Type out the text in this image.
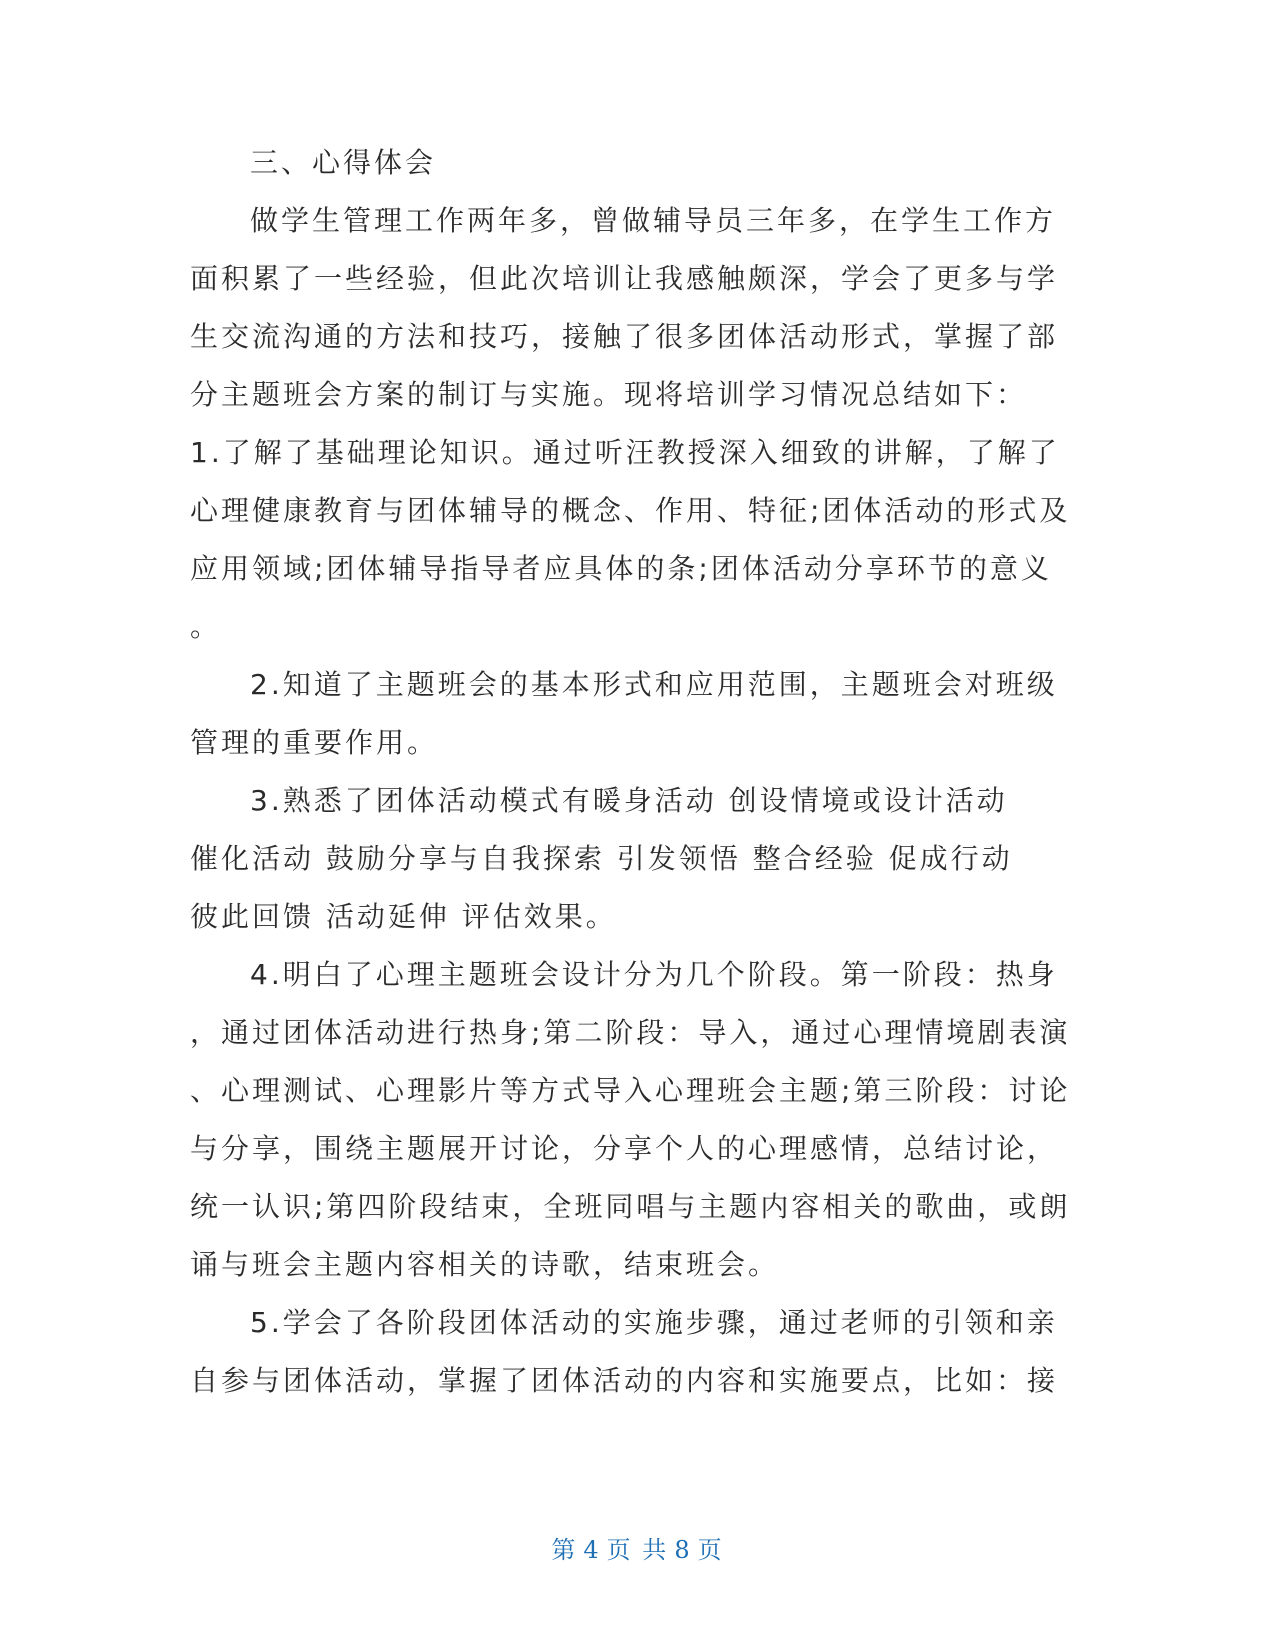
三、心得体会
做学生管理工作两年多，曾做辅导员三年多，在学生工作方
面积累了一些经验，但此次培训让我感触颇深，学会了更多与学
生交流沟通的方法和技巧，接触了很多团体活动形式，掌握了部
分主题班会方案的制订与实施。现将培训学习情况总结如下：
1.了解了基础理论知识。通过听汪教授深入细致的讲解，了解了
心理健康教育与团体辅导的概念、作用、特征;团体活动的形式及
应用领域;团体辅导指导者应具体的条;团体活动分享环节的意义
。
2.知道了主题班会的基本形式和应用范围，主题班会对班级
管理的重要作用。
3.熟悉了团体活动模式有暖身活动 创设情境或设计活动
催化活动 鼓励分享与自我探索 引发领悟 整合经验 促成行动
彼此回馈 活动延伸 评估效果。
4.明白了心理主题班会设计分为几个阶段。第一阶段：热身
，通过团体活动进行热身;第二阶段：导入，通过心理情境剧表演
、心理测试、心理影片等方式导入心理班会主题;第三阶段：讨论
与分享，围绕主题展开讨论，分享个人的心理感情，总结讨论，
统一认识;第四阶段结束，全班同唱与主题内容相关的歌曲，或朗
诵与班会主题内容相关的诗歌，结束班会。
5.学会了各阶段团体活动的实施步骤，通过老师的引领和亲
自参与团体活动，掌握了团体活动的内容和实施要点，比如：接
第 4 页 共 8 页
